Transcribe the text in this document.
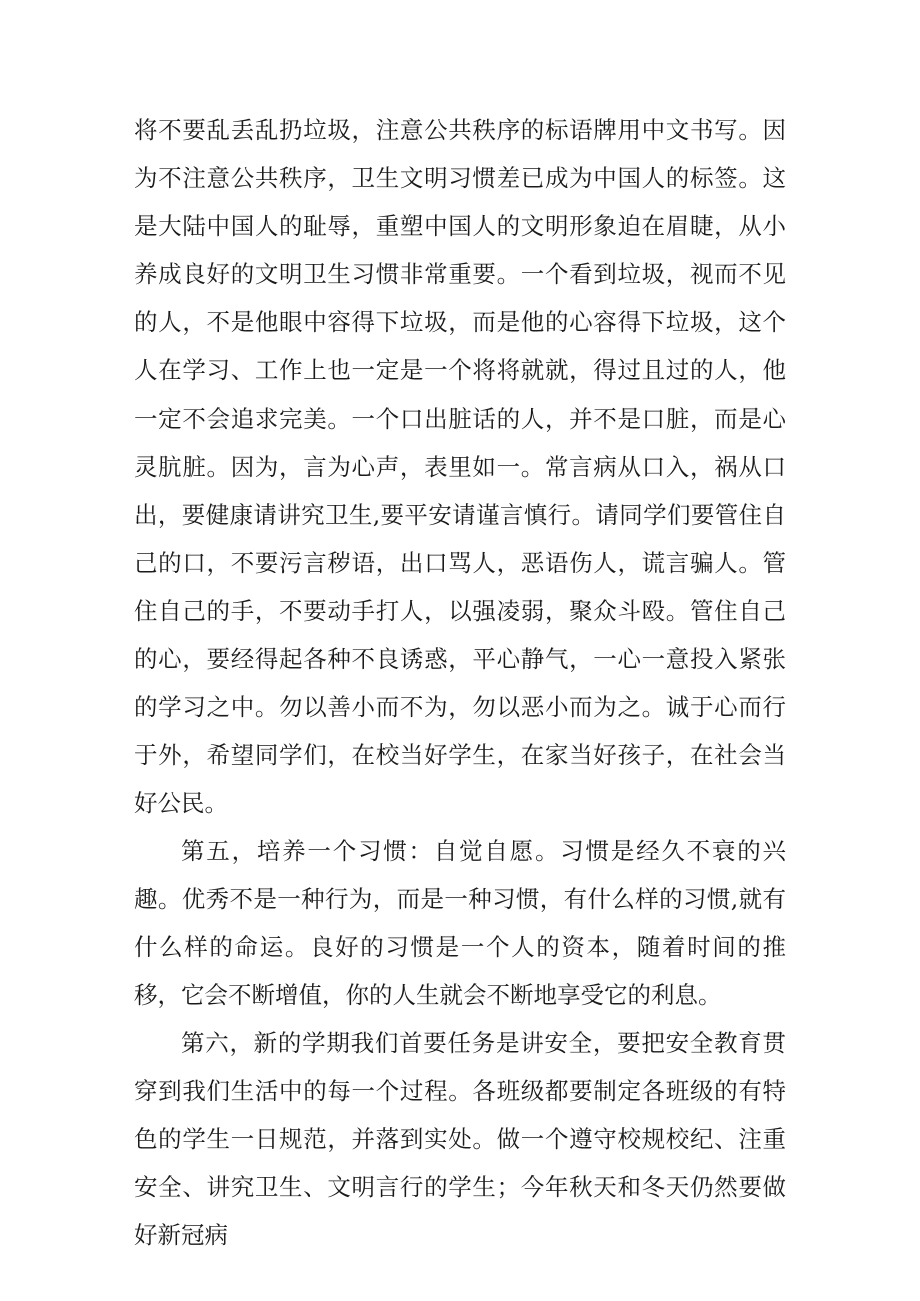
将不要乱丢乱扔垃圾，注意公共秩序的标语牌用中文书写。因为不注意公共秩序，卫生文明习惯差已成为中国人的标签。这是大陆中国人的耻辱，重塑中国人的文明形象迫在眉睫，从小养成良好的文明卫生习惯非常重要。一个看到垃圾，视而不见的人，不是他眼中容得下垃圾，而是他的心容得下垃圾，这个人在学习、工作上也一定是一个将将就就，得过且过的人，他一定不会追求完美。一个口出脏话的人，并不是口脏，而是心灵肮脏。因为，言为心声，表里如一。常言病从口入，祸从口出，要健康请讲究卫生,要平安请谨言慎行。请同学们要管住自己的口，不要污言秽语，出口骂人，恶语伤人，谎言骗人。管住自己的手，不要动手打人，以强凌弱，聚众斗殴。管住自己的心，要经得起各种不良诱惑，平心静气，一心一意投入紧张的学习之中。勿以善小而不为，勿以恶小而为之。诚于心而行于外，希望同学们，在校当好学生，在家当好孩子，在社会当好公民。

第五，培养一个习惯：自觉自愿。习惯是经久不衰的兴趣。优秀不是一种行为，而是一种习惯，有什么样的习惯,就有什么样的命运。良好的习惯是一个人的资本，随着时间的推移，它会不断增值，你的人生就会不断地享受它的利息。

第六，新的学期我们首要任务是讲安全，要把安全教育贯穿到我们生活中的每一个过程。各班级都要制定各班级的有特色的学生一日规范，并落到实处。做一个遵守校规校纪、注重安全、讲究卫生、文明言行的学生；今年秋天和冬天仍然要做好新冠病
